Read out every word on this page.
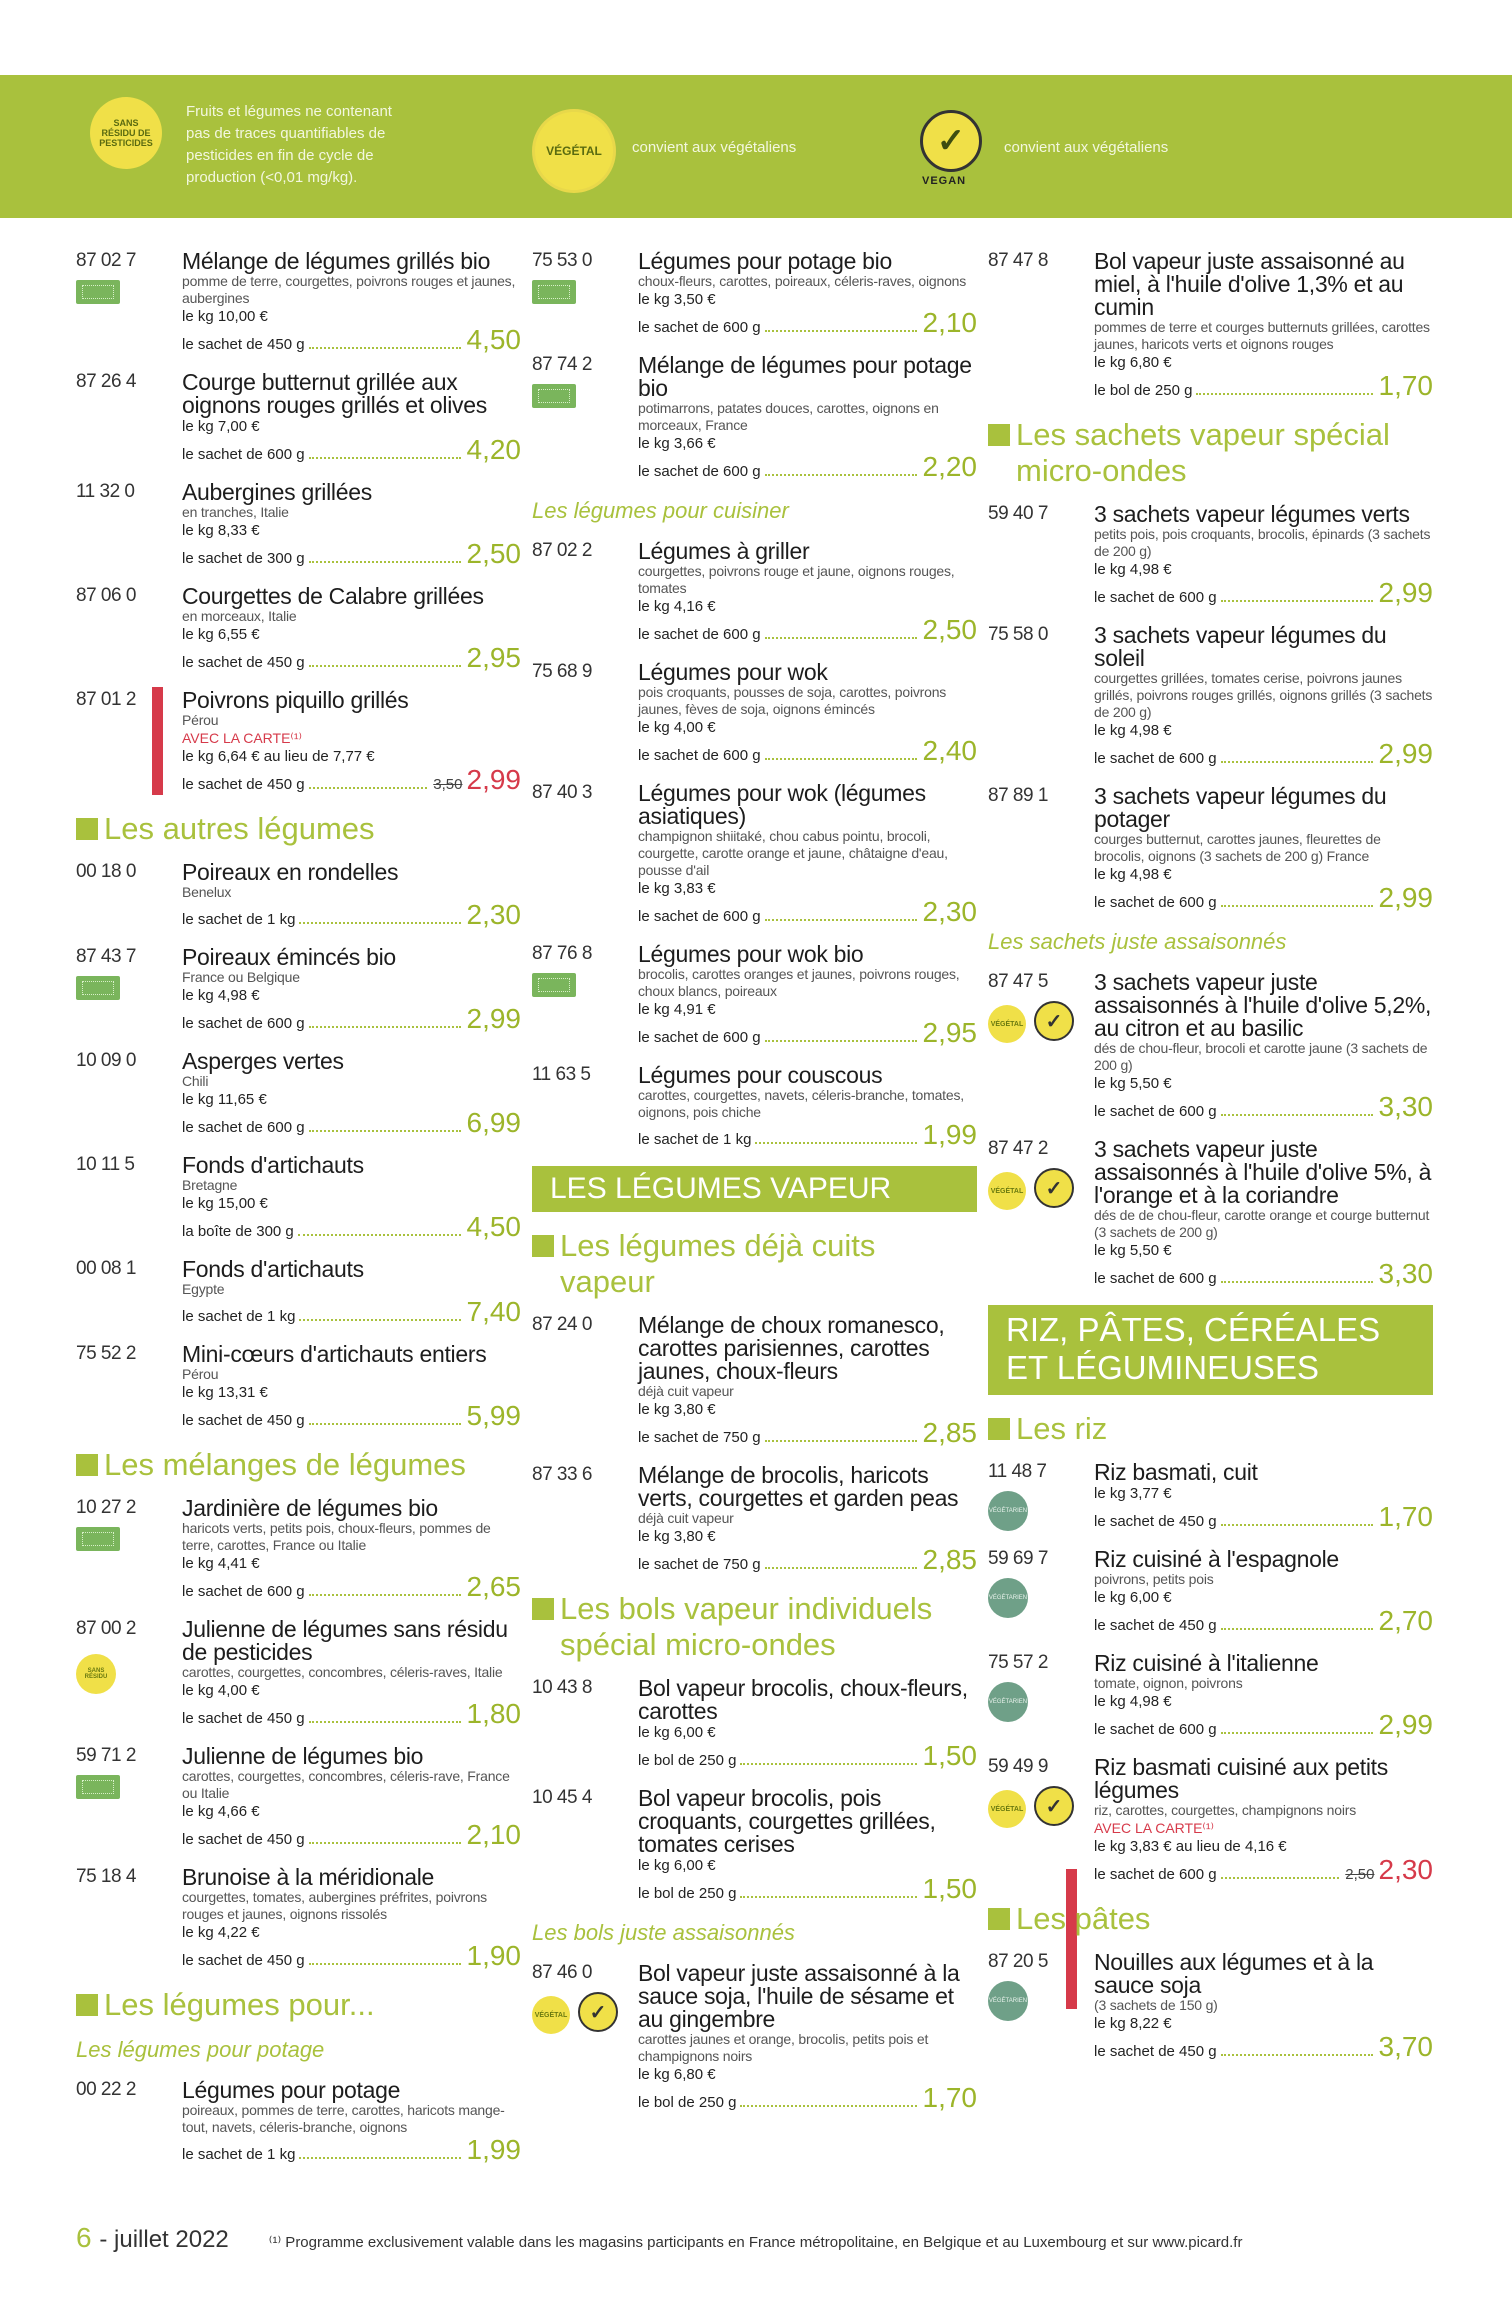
SANS RÉSIDU DE PESTICIDES
Fruits et légumes ne contenant
pas de traces quantifiables de
pesticides en fin de cycle de
production (<0,01 mg/kg).
VÉGÉTAL	convient aux végétaliens	✓
VEGAN
convient aux végétaliens
87 02 7 Mélange de légumes grillés bio
pomme de terre, courgettes, poivrons rouges et jaunes, aubergines
le kg 10,00 €
le sachet de 450 g	4,50
87 26 4 Courge butternut grillée aux oignons rouges grillés et olives
le kg 7,00 €
le sachet de 600 g	4,20
11 32 0 Aubergines grillées
en tranches, Italie
le kg 8,33 €
le sachet de 300 g	2,50
87 06 0 Courgettes de Calabre grillées
en morceaux, Italie
le kg 6,55 €
le sachet de 450 g	2,95
87 01 2 Poivrons piquillo grillés
Pérou
AVEC LA CARTE⁽¹⁾
le kg 6,64 € au lieu de 7,77 €
le sachet de 450 g	3,50 2,99
Les autres légumes
00 18 0 Poireaux en rondelles
Benelux
le sachet de 1 kg	2,30
87 43 7 Poireaux émincés bio
France ou Belgique
le kg 4,98 €
le sachet de 600 g	2,99
10 09 0 Asperges vertes
Chili
le kg 11,65 €
le sachet de 600 g	6,99
10 11 5 Fonds d'artichauts
Bretagne
le kg 15,00 €
la boîte de 300 g	4,50
00 08 1 Fonds d'artichauts
Egypte
le sachet de 1 kg	7,40
75 52 2 Mini-cœurs d'artichauts entiers
Pérou
le kg 13,31 €
le sachet de 450 g	5,99
Les mélanges de légumes
10 27 2 Jardinière de légumes bio
haricots verts, petits pois, choux-fleurs, pommes de terre, carottes, France ou Italie
le kg 4,41 €
le sachet de 600 g	2,65
87 00 2
SANS RÉSIDU
Julienne de légumes sans résidu de pesticides
carottes, courgettes, concombres, céleris-raves, Italie
le kg 4,00 €
le sachet de 450 g	1,80
59 71 2 Julienne de légumes bio
carottes, courgettes, concombres, céleris-rave, France ou Italie
le kg 4,66 €
le sachet de 450 g	2,10
75 18 4 Brunoise à la méridionale
courgettes, tomates, aubergines préfrites, poivrons rouges et jaunes, oignons rissolés
le kg 4,22 €
le sachet de 450 g	1,90
Les légumes pour...
Les légumes pour potage
00 22 2 Légumes pour potage
poireaux, pommes de terre, carottes, haricots mange-tout, navets, céleris-branche, oignons
le sachet de 1 kg	1,99
75 53 0 Légumes pour potage bio
choux-fleurs, carottes, poireaux, céleris-raves, oignons
le kg 3,50 €
le sachet de 600 g	2,10
87 74 2 Mélange de légumes pour potage bio
potimarrons, patates douces, carottes, oignons en morceaux, France
le kg 3,66 €
le sachet de 600 g	2,20
Les légumes pour cuisiner
87 02 2 Légumes à griller
courgettes, poivrons rouge et jaune, oignons rouges, tomates
le kg 4,16 €
le sachet de 600 g	2,50
75 68 9 Légumes pour wok
pois croquants, pousses de soja, carottes, poivrons jaunes, fèves de soja, oignons émincés
le kg 4,00 €
le sachet de 600 g	2,40
87 40 3 Légumes pour wok (légumes asiatiques)
champignon shiitaké, chou cabus pointu, brocoli, courgette, carotte orange et jaune, châtaigne d'eau, pousse d'ail
le kg 3,83 €
le sachet de 600 g	2,30
87 76 8 Légumes pour wok bio
brocolis, carottes oranges et jaunes, poivrons rouges, choux blancs, poireaux
le kg 4,91 €
le sachet de 600 g	2,95
11 63 5 Légumes pour couscous
carottes, courgettes, navets, céleris-branche, tomates, oignons, pois chiche
le sachet de 1 kg	1,99
LES LÉGUMES VAPEUR
Les légumes déjà cuits vapeur
87 24 0 Mélange de choux romanesco, carottes parisiennes, carottes jaunes, choux-fleurs
déjà cuit vapeur
le kg 3,80 €
le sachet de 750 g	2,85
87 33 6 Mélange de brocolis, haricots verts, courgettes et garden peas
déjà cuit vapeur
le kg 3,80 €
le sachet de 750 g	2,85
Les bols vapeur individuels spécial micro-ondes
10 43 8 Bol vapeur brocolis, choux-fleurs, carottes
le kg 6,00 €
le bol de 250 g	1,50
10 45 4 Bol vapeur brocolis, pois croquants, courgettes grillées, tomates cerises
le kg 6,00 €
le bol de 250 g	1,50
Les bols juste assaisonnés
87 46 0
VÉGÉTAL	✓
Bol vapeur juste assaisonné à la sauce soja, l'huile de sésame et au gingembre
carottes jaunes et orange, brocolis, petits pois et champignons noirs
le kg 6,80 €
le bol de 250 g	1,70
87 47 8 Bol vapeur juste assaisonné au miel, à l'huile d'olive 1,3% et au cumin
pommes de terre et courges butternuts grillées, carottes jaunes, haricots verts et oignons rouges
le kg 6,80 €
le bol de 250 g	1,70
Les sachets vapeur spécial micro-ondes
59 40 7 3 sachets vapeur légumes verts
petits pois, pois croquants, brocolis, épinards (3 sachets de 200 g)
le kg 4,98 €
le sachet de 600 g	2,99
75 58 0 3 sachets vapeur légumes du soleil
courgettes grillées, tomates cerise, poivrons jaunes grillés, poivrons rouges grillés, oignons grillés (3 sachets de 200 g)
le kg 4,98 €
le sachet de 600 g	2,99
87 89 1 3 sachets vapeur légumes du potager
courges butternut, carottes jaunes, fleurettes de brocolis, oignons (3 sachets de 200 g) France
le kg 4,98 €
le sachet de 600 g	2,99
Les sachets juste assaisonnés
87 47 5
VÉGÉTAL	✓
3 sachets vapeur juste assaisonnés à l'huile d'olive 5,2%, au citron et au basilic
dés de chou-fleur, brocoli et carotte jaune (3 sachets de 200 g)
le kg 5,50 €
le sachet de 600 g	3,30
87 47 2
VÉGÉTAL	✓
3 sachets vapeur juste assaisonnés à l'huile d'olive 5%, à l'orange et à la coriandre
dés de de chou-fleur, carotte orange et courge butternut (3 sachets de 200 g)
le kg 5,50 €
le sachet de 600 g	3,30
RIZ, PÂTES, CÉRÉALES ET LÉGUMINEUSES
Les riz
11 48 7
VÉGÉTARIEN
Riz basmati, cuit
le kg 3,77 €
le sachet de 450 g	1,70
59 69 7
VÉGÉTARIEN
Riz cuisiné à l'espagnole
poivrons, petits pois
le kg 6,00 €
le sachet de 450 g	2,70
75 57 2
VÉGÉTARIEN
Riz cuisiné à l'italienne
tomate, oignon, poivrons
le kg 4,98 €
le sachet de 600 g	2,99
59 49 9
VÉGÉTAL	✓
Riz basmati cuisiné aux petits légumes
riz, carottes, courgettes, champignons noirs
AVEC LA CARTE⁽¹⁾
le kg 3,83 € au lieu de 4,16 €
le sachet de 600 g	2,50 2,30
Les pâtes
87 20 5
VÉGÉTARIEN
Nouilles aux légumes et à la sauce soja
(3 sachets de 150 g)
le kg 8,22 €
le sachet de 450 g	3,70
6 - juillet 2022	⁽¹⁾ Programme exclusivement valable dans les magasins participants en France métropolitaine, en Belgique et au Luxembourg et sur www.picard.fr
